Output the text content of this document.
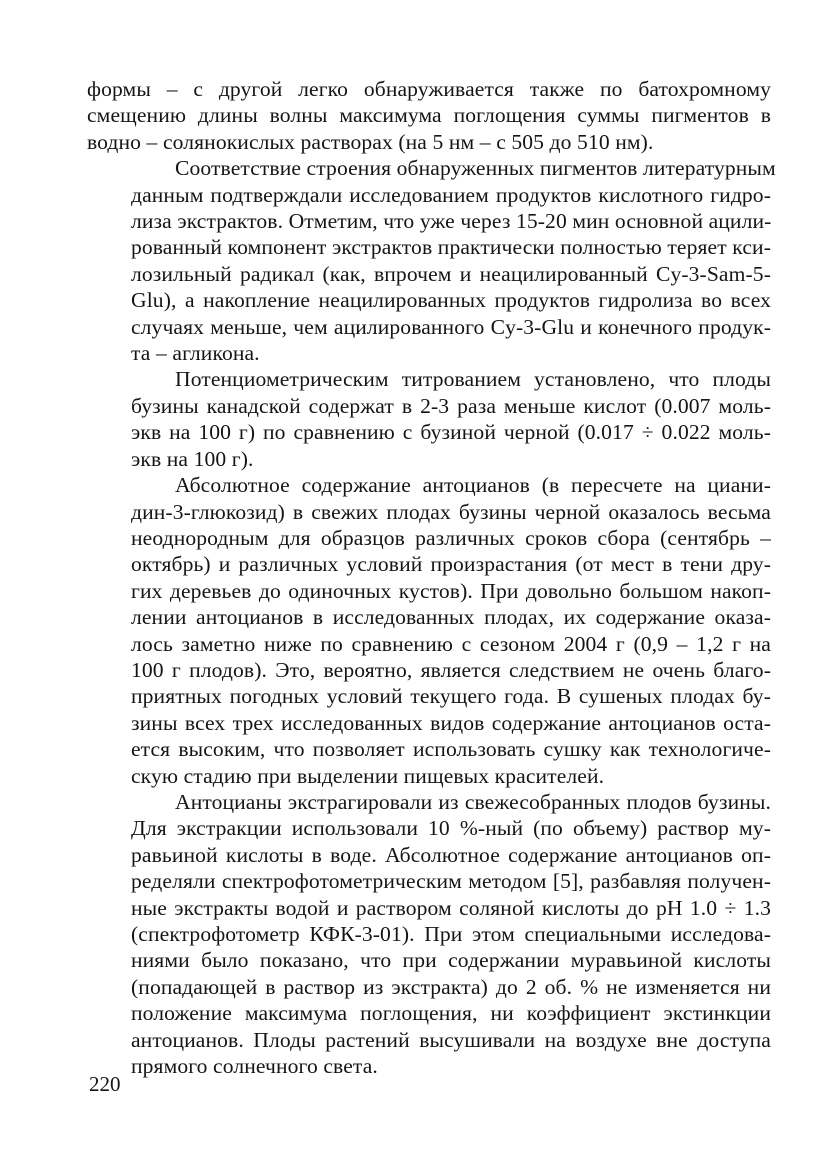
формы – с другой легко обнаруживается также по батохромному
смещению длины волны максимума поглощения суммы пигментов в
водно – солянокислых растворах (на 5 нм – с 505 до 510 нм).

Соответствие строения обнаруженных пигментов литературным
данным подтверждали исследованием продуктов кислотного гидро-
лиза экстрактов. Отметим, что уже через 15-20 мин основной ацили-
рованный компонент экстрактов практически полностью теряет кси-
лозильный радикал (как, впрочем и неацилированный Cy-3-Sam-5-
Glu), а накопление неацилированных продуктов гидролиза во всех
случаях меньше, чем ацилированного Cy-3-Glu и конечного продук-
та – агликона.

Потенциометрическим титрованием установлено, что плоды
бузины канадской содержат в 2-3 раза меньше кислот (0.007 моль-
экв на 100 г) по сравнению с бузиной черной (0.017 ÷ 0.022 моль-
экв на 100 г).

Абсолютное содержание антоцианов (в пересчете на циани-
дин-3-глюкозид) в свежих плодах бузины черной оказалось весьма
неоднородным для образцов различных сроков сбора (сентябрь –
октябрь) и различных условий произрастания (от мест в тени дру-
гих деревьев до одиночных кустов). При довольно большом накоп-
лении антоцианов в исследованных плодах, их содержание оказа-
лось заметно ниже по сравнению с сезоном 2004 г (0,9 – 1,2 г на
100 г плодов). Это, вероятно, является следствием не очень благо-
приятных погодных условий текущего года. В сушеных плодах бу-
зины всех трех исследованных видов содержание антоцианов оста-
ется высоким, что позволяет использовать сушку как технологиче-
скую стадию при выделении пищевых красителей.

Антоцианы экстрагировали из свежесобранных плодов бузины.
Для экстракции использовали 10 %-ный (по объему) раствор му-
равьиной кислоты в воде. Абсолютное содержание антоцианов оп-
ределяли спектрофотометрическим методом [5], разбавляя получен-
ные экстракты водой и раствором соляной кислоты до pH 1.0 ÷ 1.3
(спектрофотометр КФК-3-01). При этом специальными исследова-
ниями было показано, что при содержании муравьиной кислоты
(попадающей в раствор из экстракта) до 2 об. % не изменяется ни
положение максимума поглощения, ни коэффициент экстинкции
антоцианов. Плоды растений высушивали на воздухе вне доступа
прямого солнечного света.

220
